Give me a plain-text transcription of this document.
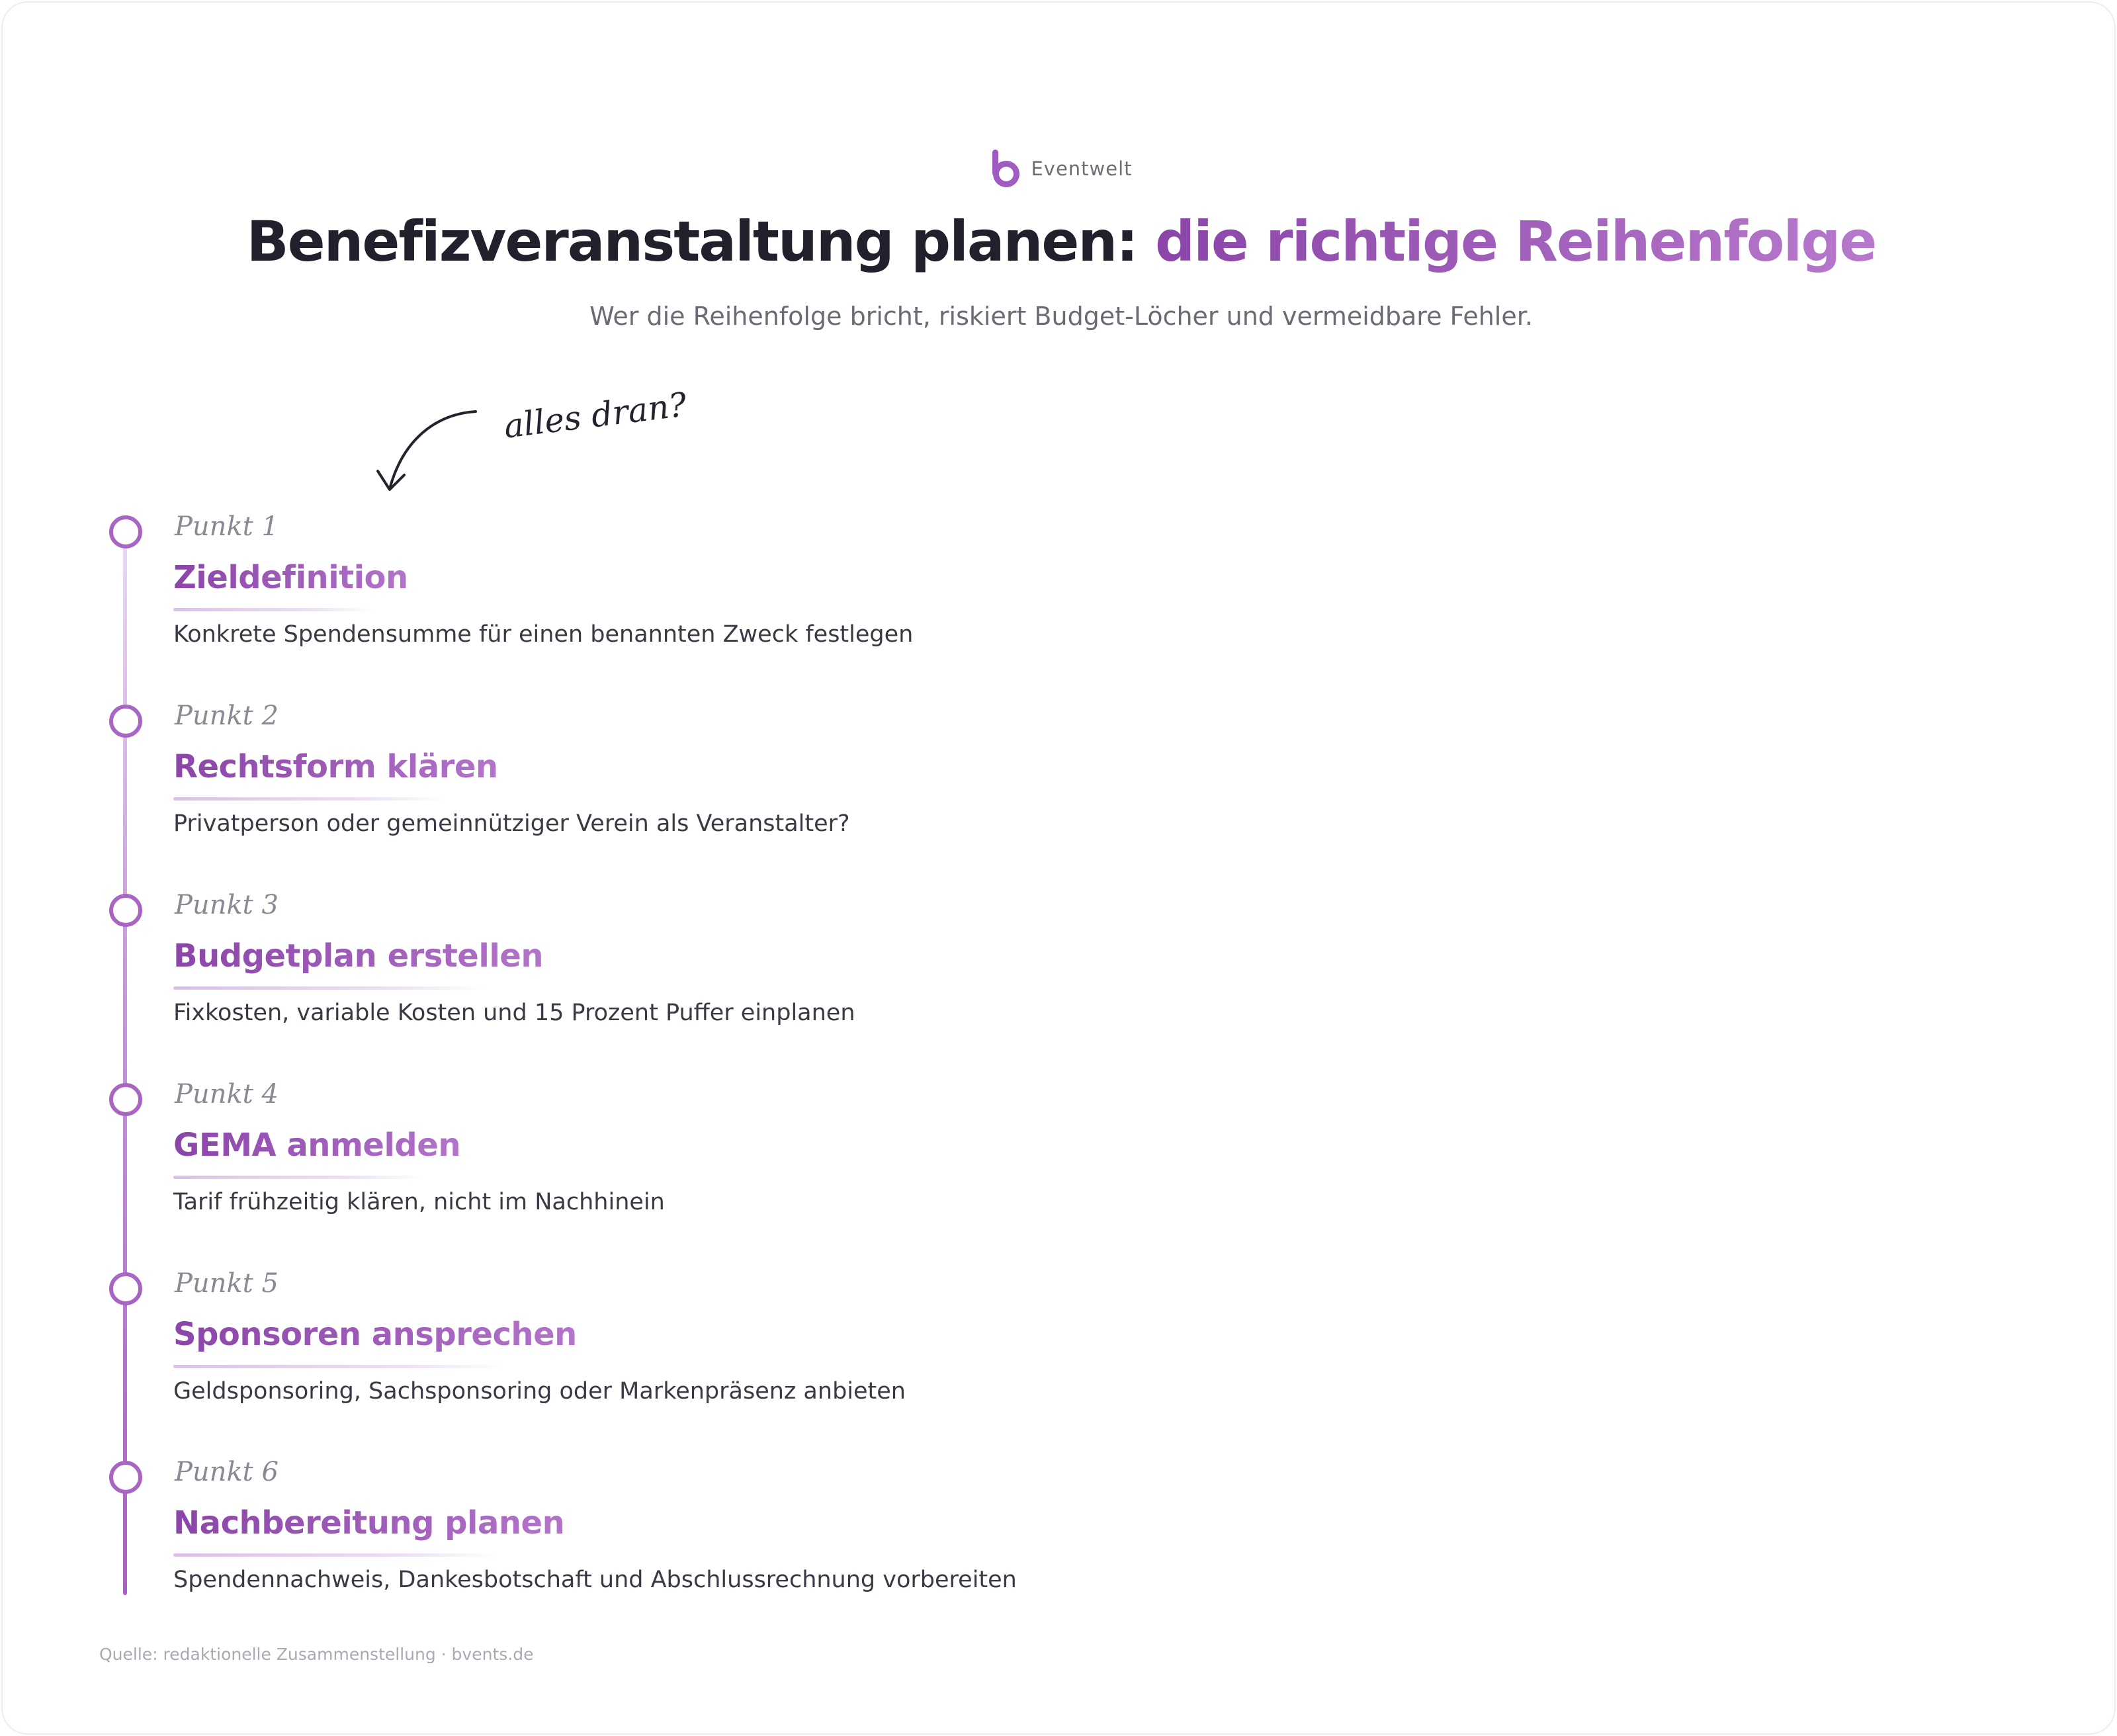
Eventwelt
Benefizveranstaltung planen: die richtige Reihenfolge
Wer die Reihenfolge bricht, riskiert Budget-Löcher und vermeidbare Fehler.
alles dran?
Punkt 1
Zieldefinition
Konkrete Spendensumme für einen benannten Zweck festlegen
Punkt 2
Rechtsform klären
Privatperson oder gemeinnütziger Verein als Veranstalter?
Punkt 3
Budgetplan erstellen
Fixkosten, variable Kosten und 15 Prozent Puffer einplanen
Punkt 4
GEMA anmelden
Tarif frühzeitig klären, nicht im Nachhinein
Punkt 5
Sponsoren ansprechen
Geldsponsoring, Sachsponsoring oder Markenpräsenz anbieten
Punkt 6
Nachbereitung planen
Spendennachweis, Dankesbotschaft und Abschlussrechnung vorbereiten
Quelle: redaktionelle Zusammenstellung · bvents.de
